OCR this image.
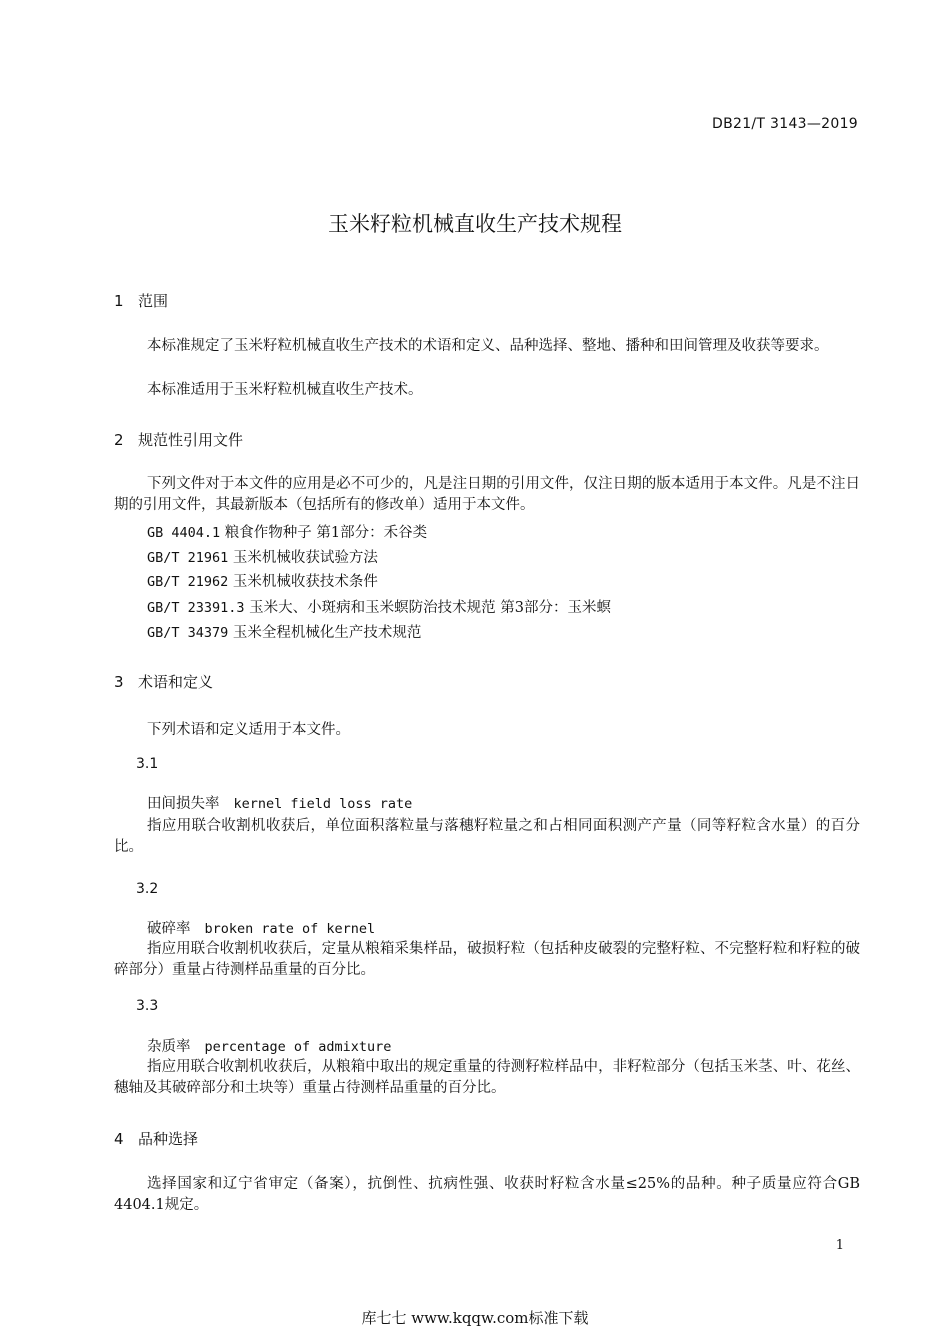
DB21/T 3143—2019
玉米籽粒机械直收生产技术规程
1 范围
本标准规定了玉米籽粒机械直收生产技术的术语和定义、品种选择、整地、播种和田间管理及收获等要求。
本标准适用于玉米籽粒机械直收生产技术。
2 规范性引用文件
下列文件对于本文件的应用是必不可少的，凡是注日期的引用文件，仅注日期的版本适用于本文件。凡是不注日期的引用文件，其最新版本（包括所有的修改单）适用于本文件。
GB 4404.1 粮食作物种子 第1部分：禾谷类
GB/T 21961 玉米机械收获试验方法
GB/T 21962 玉米机械收获技术条件
GB/T 23391.3 玉米大、小斑病和玉米螟防治技术规范 第3部分：玉米螟
GB/T 34379 玉米全程机械化生产技术规范
3 术语和定义
下列术语和定义适用于本文件。
3.1
田间损失率 kernel field loss rate
指应用联合收割机收获后，单位面积落粒量与落穗籽粒量之和占相同面积测产产量（同等籽粒含水量）的百分比。
3.2
破碎率 broken rate of kernel
指应用联合收割机收获后，定量从粮箱采集样品，破损籽粒（包括种皮破裂的完整籽粒、不完整籽粒和籽粒的破碎部分）重量占待测样品重量的百分比。
3.3
杂质率 percentage of admixture
指应用联合收割机收获后，从粮箱中取出的规定重量的待测籽粒样品中，非籽粒部分（包括玉米茎、叶、花丝、穗轴及其破碎部分和土块等）重量占待测样品重量的百分比。
4 品种选择
选择国家和辽宁省审定（备案），抗倒性、抗病性强、收获时籽粒含水量≤25%的品种。种子质量应符合GB 4404.1规定。
1
库七七 www.kqqw.com标准下载
